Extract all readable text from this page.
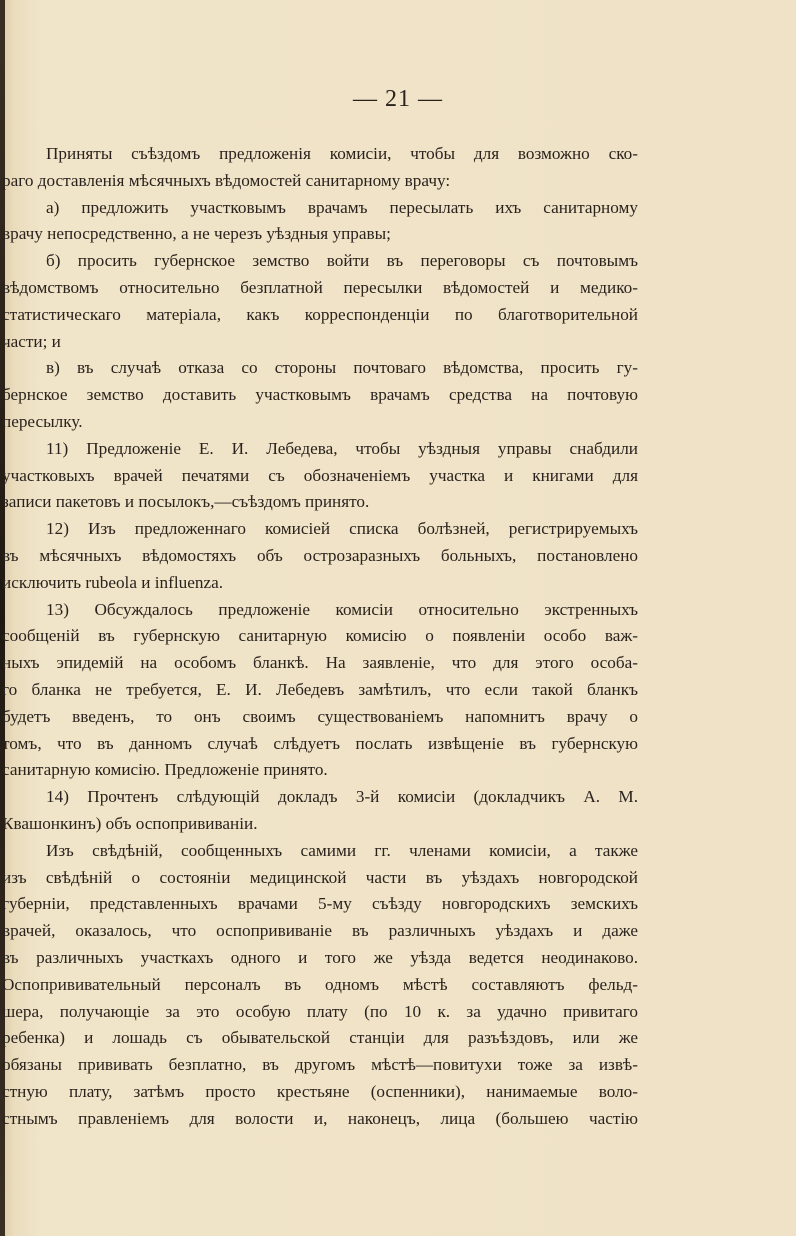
— 21 —
Приняты съѣздомъ предложенія комисіи, чтобы для возможно ско-
раго доставленія мѣсячныхъ вѣдомостей санитарному врачу:
а) предложить участковымъ врачамъ пересылать ихъ санитарному
врачу непосредственно, а не черезъ уѣздныя управы;
б) просить губернское земство войти въ переговоры съ почтовымъ
вѣдомствомъ относительно безплатной пересылки вѣдомостей и медико-
статистическаго матеріала, какъ корреспонденціи по благотворительной
части; и
в) въ случаѣ отказа со стороны почтоваго вѣдомства, просить гу-
бернское земство доставить участковымъ врачамъ средства на почтовую
пересылку.
11) Предложеніе Е. И. Лебедева, чтобы уѣздныя управы снабдили
участковыхъ врачей печатями съ обозначеніемъ участка и книгами для
записи пакетовъ и посылокъ,—съѣздомъ принято.
12) Изъ предложеннаго комисіей списка болѣзней, регистрируемыхъ
въ мѣсячныхъ вѣдомостяхъ объ острозаразныхъ больныхъ, постановлено
исключить rubeola и influenza.
13) Обсуждалось предложеніе комисіи относительно экстренныхъ
сообщеній въ губернскую санитарную комисію о появленіи особо важ-
ныхъ эпидемій на особомъ бланкѣ. На заявленіе, что для этого особа-
го бланка не требуется, Е. И. Лебедевъ замѣтилъ, что если такой бланкъ
будетъ введенъ, то онъ своимъ существованіемъ напомнитъ врачу о
томъ, что въ данномъ случаѣ слѣдуетъ послать извѣщеніе въ губернскую
санитарную комисію. Предложеніе принято.
14) Прочтенъ слѣдующій докладъ 3-й комисіи (докладчикъ А. М.
Квашонкинъ) объ оспопрививаніи.
Изъ свѣдѣній, сообщенныхъ самими гг. членами комисіи, а также
изъ свѣдѣній о состояніи медицинской части въ уѣздахъ новгородской
губерніи, представленныхъ врачами 5-му съѣзду новгородскихъ земскихъ
врачей, оказалось, что оспопрививаніе въ различныхъ уѣздахъ и даже
въ различныхъ участкахъ одного и того же уѣзда ведется неодинаково.
Оспопрививательный персоналъ въ одномъ мѣстѣ составляютъ фельд-
шера, получающіе за это особую плату (по 10 к. за удачно привитаго
ребенка) и лошадь съ обывательской станціи для разъѣздовъ, или же
обязаны прививать безплатно, въ другомъ мѣстѣ—повитухи тоже за извѣ-
стную плату, затѣмъ просто крестьяне (оспенники), нанимаемые воло-
стнымъ правленіемъ для волости и, наконецъ, лица (большею частію
